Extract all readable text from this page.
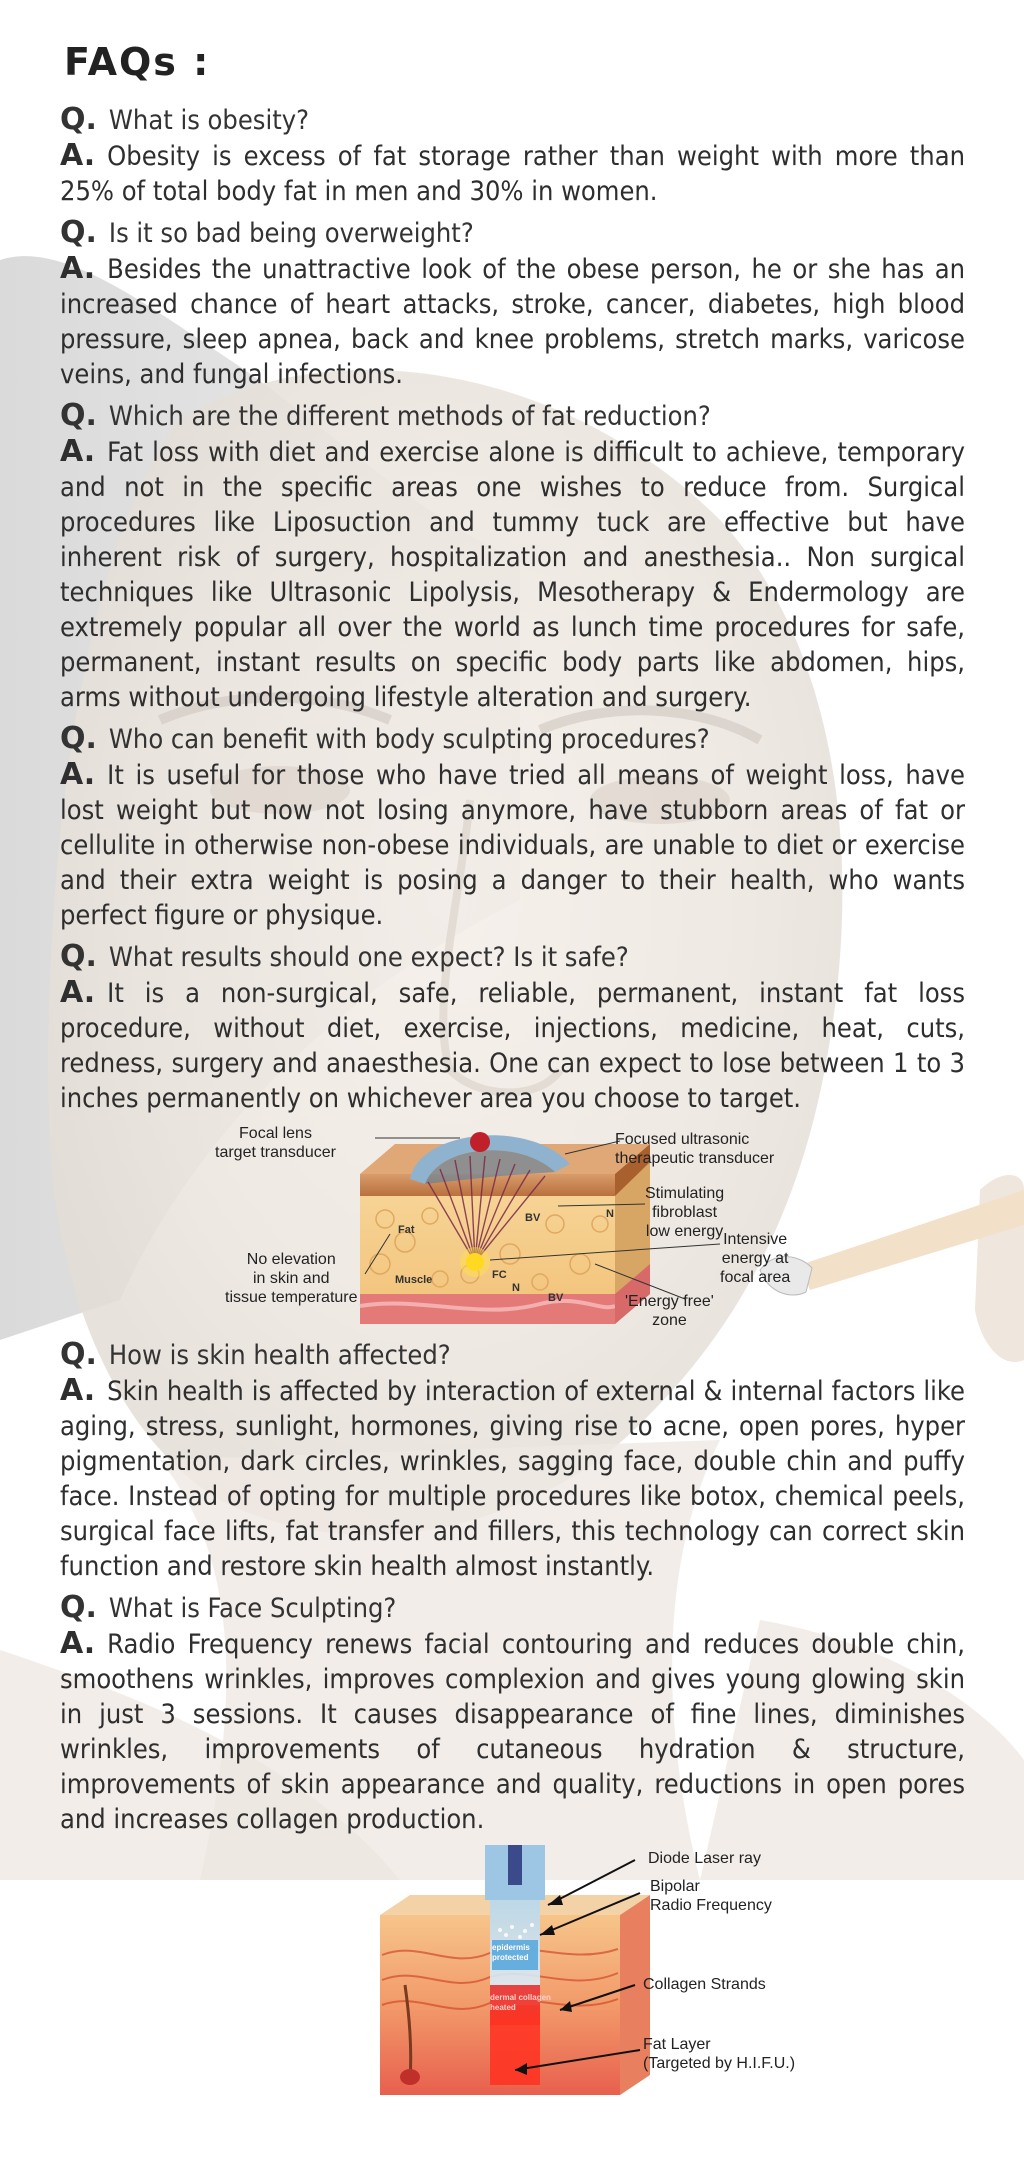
FAQs :

Q. What is obesity?

A. Obesity is excess of fat storage rather than weight with more than 25% of total body fat in men and 30% in women.

Q. Is it so bad being overweight?

A. Besides the unattractive look of the obese person, he or she has an increased chance of heart attacks, stroke, cancer, diabetes, high blood pressure, sleep apnea, back and knee problems, stretch marks, varicose veins, and fungal infections.

Q. Which are the different methods of fat reduction?

A. Fat loss with diet and exercise alone is difficult to achieve, temporary and not in the specific areas one wishes to reduce from. Surgical procedures like Liposuction and tummy tuck are effective but have inherent risk of surgery, hospitalization and anesthesia.. Non surgical techniques like Ultrasonic Lipolysis, Mesotherapy & Endermology are extremely popular all over the world as lunch time procedures for safe, permanent, instant results on specific body parts like abdomen, hips, arms without undergoing lifestyle alteration and surgery.

Q. Who can benefit with body sculpting procedures?

A. It is useful for those who have tried all means of weight loss, have lost weight but now not losing anymore, have stubborn areas of fat or cellulite in otherwise non-obese individuals, are unable to diet or exercise and their extra weight is posing a danger to their health, who wants perfect figure or physique.

Q. What results should one expect? Is it safe?

A. It is a non-surgical, safe, reliable, permanent, instant fat loss procedure, without diet, exercise, injections, medicine, heat, cuts, redness, surgery and anaesthesia. One can expect to lose between 1 to 3 inches permanently on whichever area you choose to target.

Focal lens
target transducer
Focused ultrasonic
therapeutic transducer
Stimulating
fibroblast
low energy Intensive
energy at
focal area
No elevation
in skin and
tissue temperature	'Energy free'
zone
Fat
Muscle
BV
BV
N
N
FC

Q. How is skin health affected?

A. Skin health is affected by interaction of external & internal factors like aging, stress, sunlight, hormones, giving rise to acne, open pores, hyper pigmentation, dark circles, wrinkles, sagging face, double chin and puffy face. Instead of opting for multiple procedures like botox, chemical peels, surgical face lifts, fat transfer and fillers, this technology can correct skin function and restore skin health almost instantly.

Q. What is Face Sculpting?

A. Radio Frequency renews facial contouring and reduces double chin, smoothens wrinkles, improves complexion and gives young glowing skin in just 3 sessions. It causes disappearance of fine lines, diminishes wrinkles, improvements of cutaneous hydration & structure, improvements of skin appearance and quality, reductions in open pores and increases collagen production.

Diode Laser ray
Bipolar
Radio Frequency
Collagen Strands
Fat Layer
(Targeted by H.I.F.U.)
epidermis
protected
dermal collagen
heated
